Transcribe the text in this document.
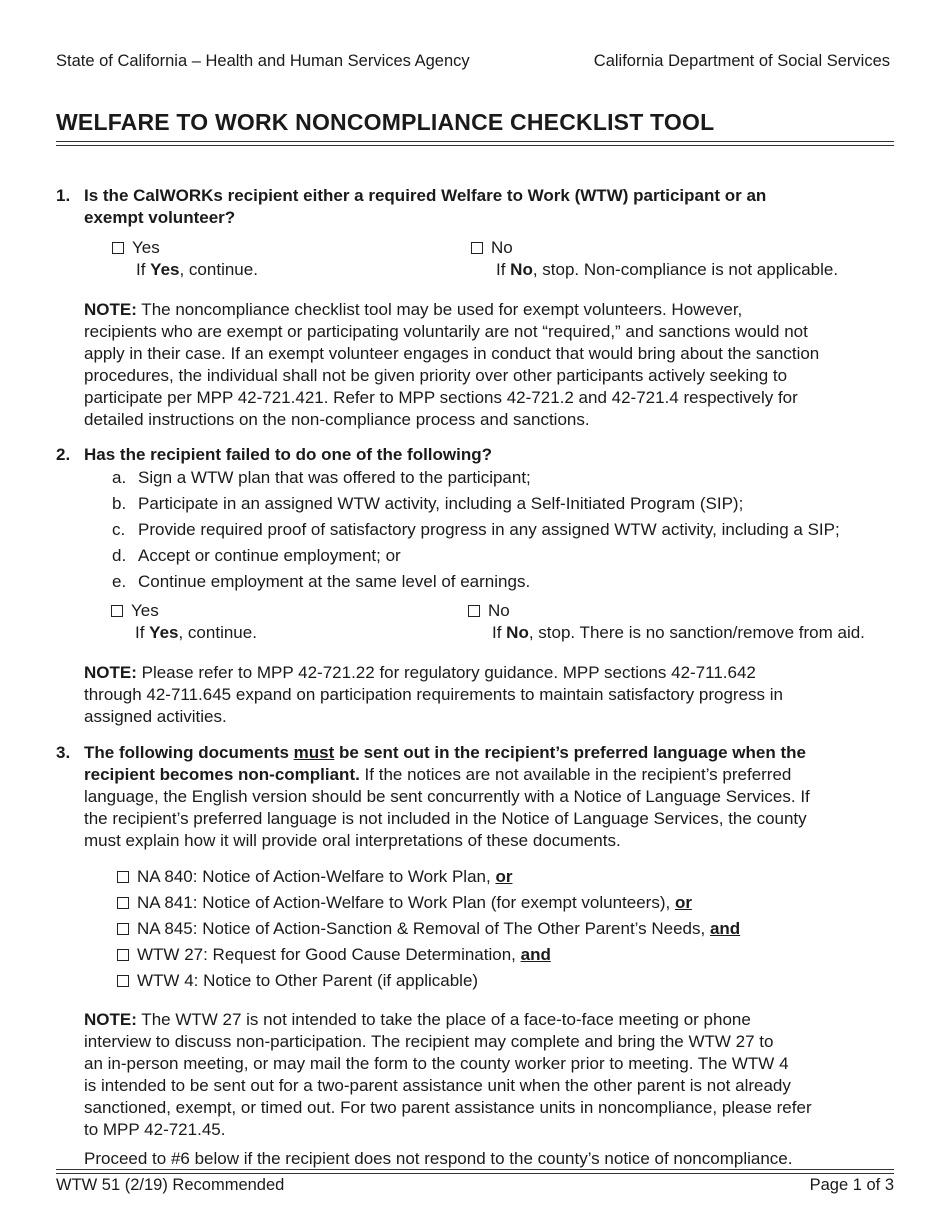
State of California – Health and Human Services Agency	California Department of Social Services
WELFARE TO WORK NONCOMPLIANCE CHECKLIST TOOL
1. Is the CalWORKs recipient either a required Welfare to Work (WTW) participant or an
exempt volunteer?
Yes
If Yes, continue.
No
If No, stop. Non-compliance is not applicable.
NOTE: The noncompliance checklist tool may be used for exempt volunteers. However,
recipients who are exempt or participating voluntarily are not “required,” and sanctions would not
apply in their case. If an exempt volunteer engages in conduct that would bring about the sanction
procedures, the individual shall not be given priority over other participants actively seeking to
participate per MPP 42-721.421. Refer to MPP sections 42-721.2 and 42-721.4 respectively for
detailed instructions on the non-compliance process and sanctions.
2. Has the recipient failed to do one of the following?
a. Sign a WTW plan that was offered to the participant;
b. Participate in an assigned WTW activity, including a Self-Initiated Program (SIP);
c. Provide required proof of satisfactory progress in any assigned WTW activity, including a SIP;
d. Accept or continue employment; or
e. Continue employment at the same level of earnings.
Yes
If Yes, continue.
No
If No, stop. There is no sanction/remove from aid.
NOTE: Please refer to MPP 42-721.22 for regulatory guidance. MPP sections 42-711.642
through 42-711.645 expand on participation requirements to maintain satisfactory progress in
assigned activities.
3. The following documents must be sent out in the recipient’s preferred language when the
recipient becomes non-compliant. If the notices are not available in the recipient’s preferred
language, the English version should be sent concurrently with a Notice of Language Services. If
the recipient’s preferred language is not included in the Notice of Language Services, the county
must explain how it will provide oral interpretations of these documents.
NA 840: Notice of Action-Welfare to Work Plan, or
NA 841: Notice of Action-Welfare to Work Plan (for exempt volunteers), or
NA 845: Notice of Action-Sanction & Removal of The Other Parent’s Needs, and
WTW 27: Request for Good Cause Determination, and
WTW 4: Notice to Other Parent (if applicable)
NOTE: The WTW 27 is not intended to take the place of a face-to-face meeting or phone
interview to discuss non-participation. The recipient may complete and bring the WTW 27 to
an in-person meeting, or may mail the form to the county worker prior to meeting. The WTW 4
is intended to be sent out for a two-parent assistance unit when the other parent is not already
sanctioned, exempt, or timed out. For two parent assistance units in noncompliance, please refer
to MPP 42-721.45.
Proceed to #6 below if the recipient does not respond to the county’s notice of noncompliance.
WTW 51 (2/19) Recommended	Page 1 of 3
